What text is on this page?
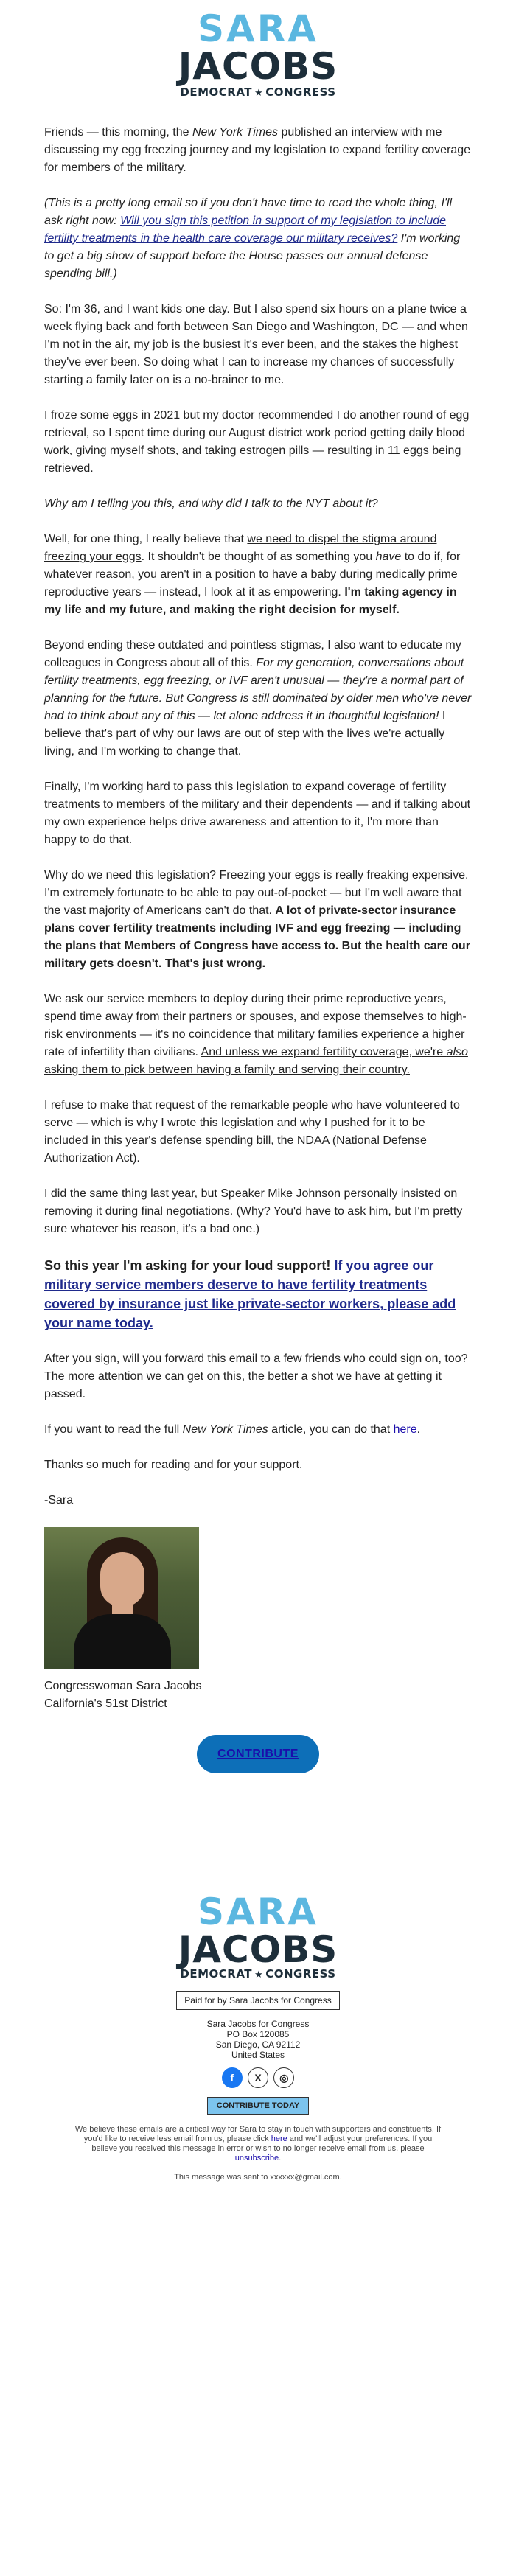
SARA
JACOBS
DEMOCRAT ★ CONGRESS

Friends — this morning, the New York Times published an interview with me discussing my egg freezing journey and my legislation to expand fertility coverage for members of the military.

(This is a pretty long email so if you don't have time to read the whole thing, I'll ask right now: Will you sign this petition in support of my legislation to include fertility treatments in the health care coverage our military receives? I'm working to get a big show of support before the House passes our annual defense spending bill.)

So: I'm 36, and I want kids one day. But I also spend six hours on a plane twice a week flying back and forth between San Diego and Washington, DC — and when I'm not in the air, my job is the busiest it's ever been, and the stakes the highest they've ever been. So doing what I can to increase my chances of successfully starting a family later on is a no-brainer to me.

I froze some eggs in 2021 but my doctor recommended I do another round of egg retrieval, so I spent time during our August district work period getting daily blood work, giving myself shots, and taking estrogen pills — resulting in 11 eggs being retrieved.

Why am I telling you this, and why did I talk to the NYT about it?

Well, for one thing, I really believe that we need to dispel the stigma around freezing your eggs. It shouldn't be thought of as something you have to do if, for whatever reason, you aren't in a position to have a baby during medically prime reproductive years — instead, I look at it as empowering. I'm taking agency in my life and my future, and making the right decision for myself.

Beyond ending these outdated and pointless stigmas, I also want to educate my colleagues in Congress about all of this. For my generation, conversations about fertility treatments, egg freezing, or IVF aren't unusual — they're a normal part of planning for the future. But Congress is still dominated by older men who've never had to think about any of this — let alone address it in thoughtful legislation! I believe that's part of why our laws are out of step with the lives we're actually living, and I'm working to change that.

Finally, I'm working hard to pass this legislation to expand coverage of fertility treatments to members of the military and their dependents — and if talking about my own experience helps drive awareness and attention to it, I'm more than happy to do that.

Why do we need this legislation? Freezing your eggs is really freaking expensive. I'm extremely fortunate to be able to pay out-of-pocket — but I'm well aware that the vast majority of Americans can't do that. A lot of private-sector insurance plans cover fertility treatments including IVF and egg freezing — including the plans that Members of Congress have access to. But the health care our military gets doesn't. That's just wrong.

We ask our service members to deploy during their prime reproductive years, spend time away from their partners or spouses, and expose themselves to high-risk environments — it's no coincidence that military families experience a higher rate of infertility than civilians. And unless we expand fertility coverage, we're also asking them to pick between having a family and serving their country.

I refuse to make that request of the remarkable people who have volunteered to serve — which is why I wrote this legislation and why I pushed for it to be included in this year's defense spending bill, the NDAA (National Defense Authorization Act).

I did the same thing last year, but Speaker Mike Johnson personally insisted on removing it during final negotiations. (Why? You'd have to ask him, but I'm pretty sure whatever his reason, it's a bad one.)

So this year I'm asking for your loud support! If you agree our military service members deserve to have fertility treatments covered by insurance just like private-sector workers, please add your name today.

After you sign, will you forward this email to a few friends who could sign on, too? The more attention we can get on this, the better a shot we have at getting it passed.

If you want to read the full New York Times article, you can do that here.

Thanks so much for reading and for your support.

-Sara

Congresswoman Sara Jacobs
California's 51st District
CONTRIBUTE
SARA
JACOBS
DEMOCRAT ★ CONGRESS
Paid for by Sara Jacobs for Congress
Sara Jacobs for Congress
PO Box 120085
San Diego, CA 92112
United States
f X ◎
CONTRIBUTE TODAY
We believe these emails are a critical way for Sara to stay in touch with supporters and constituents. If you'd like to receive less email from us, please click here and we'll adjust your preferences. If you believe you received this message in error or wish to no longer receive email from us, please unsubscribe.
This message was sent to xxxxxx@gmail.com.
